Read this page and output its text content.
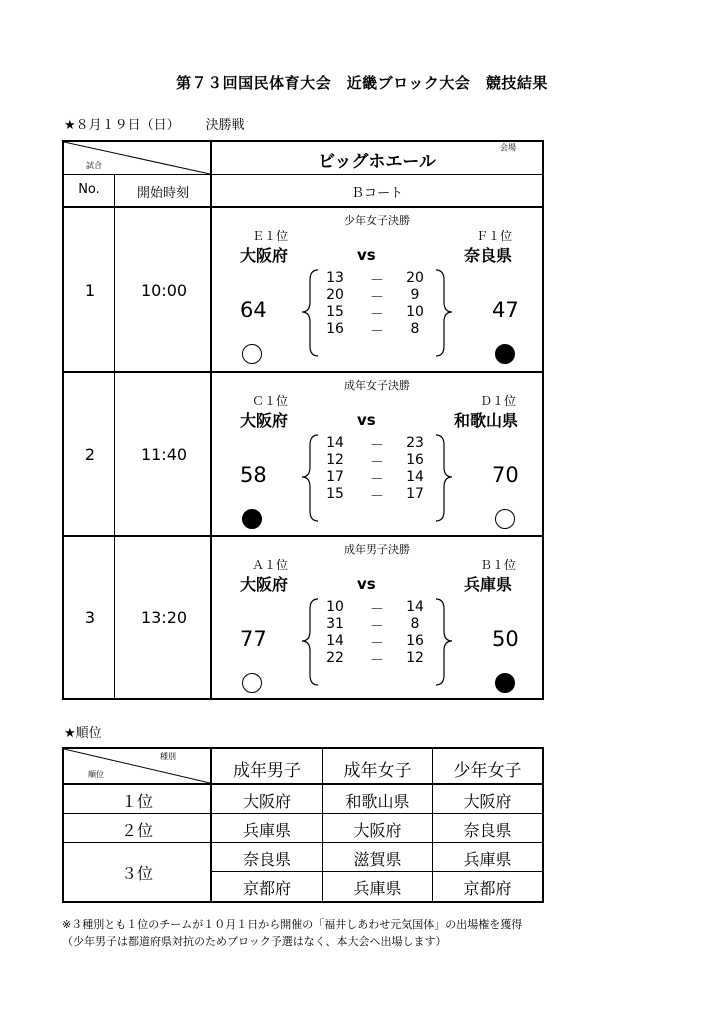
第７３回国民体育大会　近畿ブロック大会　競技結果
★８月１９日（日） 決勝戦
会場
試合	ビッグホエール
No.	開始時刻	Ｂコート
1	10:00
少年女子決勝
Ｅ１位	Ｆ１位
大阪府	奈良県
vs
64	47
13	－	20
20	－	9
15	－	10
16	－	8
2	11:40
成年女子決勝
Ｃ１位	Ｄ１位
大阪府	和歌山県
vs
58	70
14	－	23
12	－	16
17	－	14
15	－	17
3	13:20
成年男子決勝
Ａ１位	Ｂ１位
大阪府	兵庫県
vs
77	50
10	－	14
31	－	8
14	－	16
22	－	12
★順位
種別
順位	成年男子	成年女子	少年女子
１位	大阪府	和歌山県	大阪府
２位	兵庫県	大阪府	奈良県
３位
奈良県	滋賀県	兵庫県
京都府	兵庫県	京都府
※３種別とも１位のチームが１０月１日から開催の「福井しあわせ元気国体」の出場権を獲得
（少年男子は都道府県対抗のためブロック予選はなく、本大会へ出場します）
